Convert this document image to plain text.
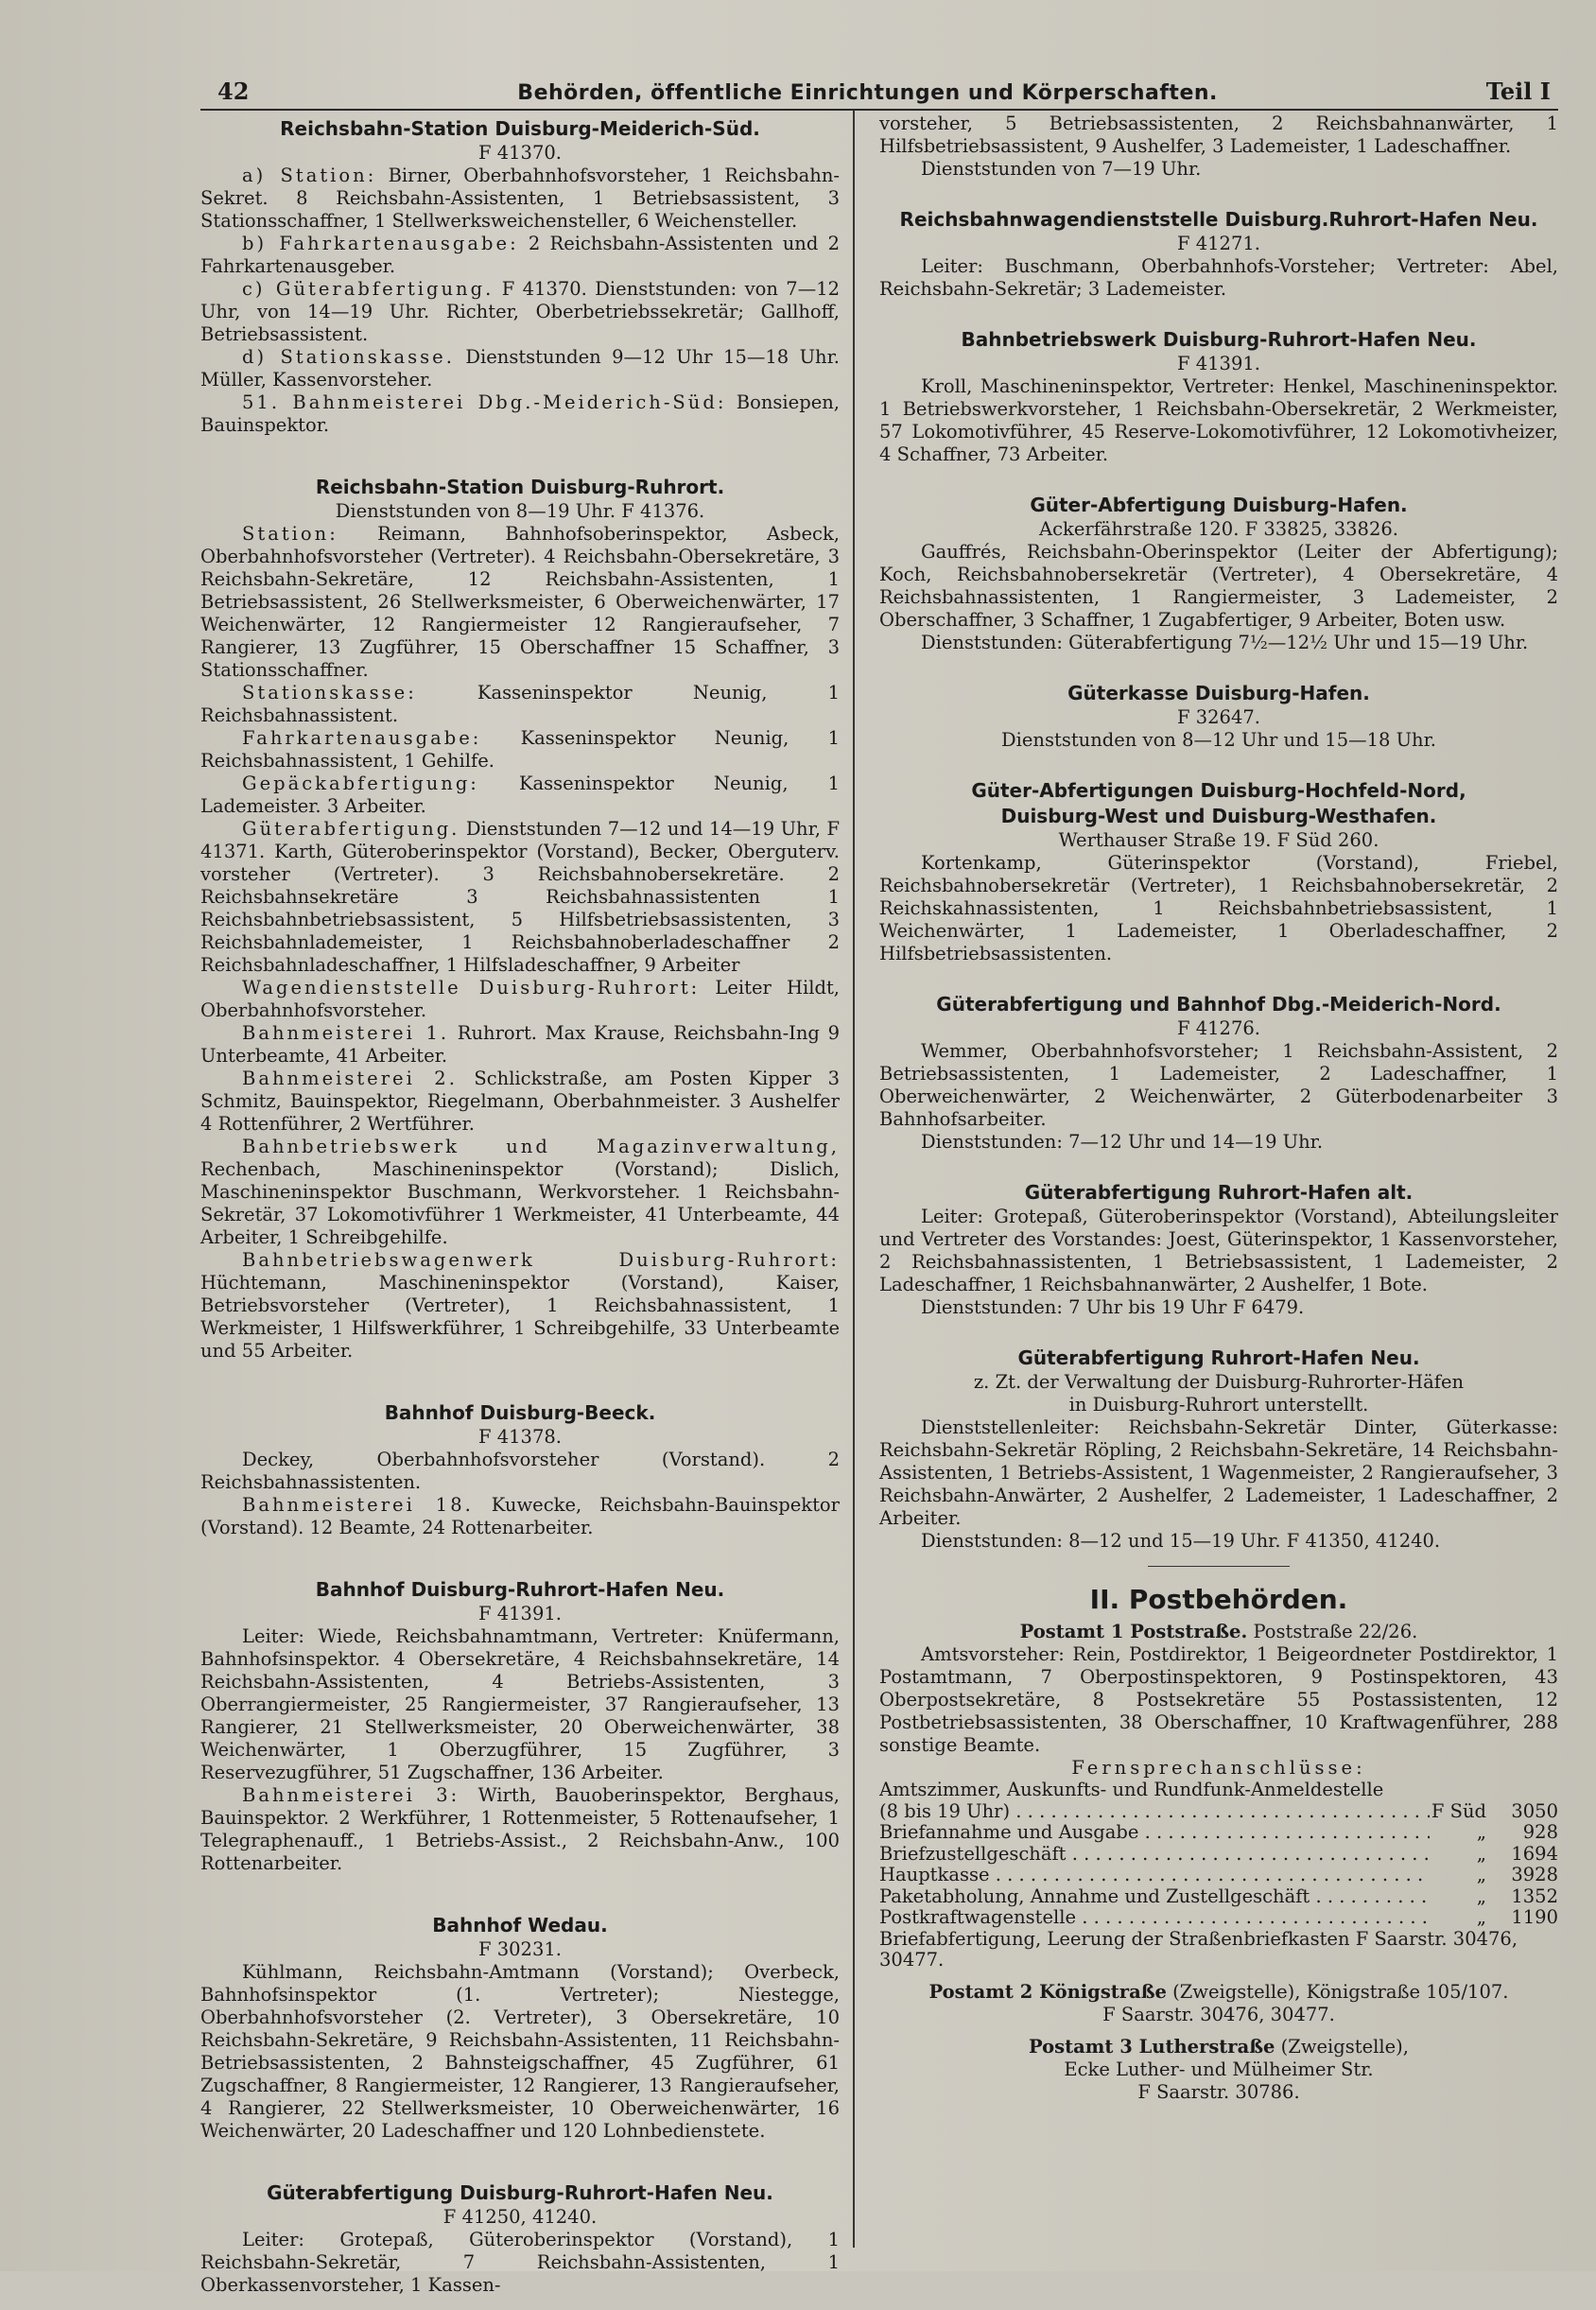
42	Behörden, öffentliche Einrichtungen und Körperschaften.	Teil I
Reichsbahn-Station Duisburg-Meiderich-Süd.

F 41370.

a) Station: Birner, Oberbahnhofsvorsteher, 1 Reichsbahn-Sekret. 8 Reichsbahn-Assistenten, 1 Betriebsassistent, 3 Stationsschaffner, 1 Stellwerksweichensteller, 6 Weichensteller.

b) Fahrkartenausgabe: 2 Reichsbahn-Assistenten und 2 Fahrkartenausgeber.

c) Güterabfertigung. F 41370. Dienststunden: von 7—12 Uhr, von 14—19 Uhr. Richter, Oberbetriebssekretär; Gallhoff, Betriebsassistent.

d) Stationskasse. Dienststunden 9—12 Uhr 15—18 Uhr. Müller, Kassenvorsteher.

51. Bahnmeisterei Dbg.-Meiderich-Süd: Bonsiepen, Bauinspektor.

Reichsbahn-Station Duisburg-Ruhrort.

Dienststunden von 8—19 Uhr. F 41376.

Station: Reimann, Bahnhofsoberinspektor, Asbeck, Oberbahnhofsvorsteher (Vertreter). 4 Reichsbahn-Obersekretäre, 3 Reichsbahn-Sekretäre, 12 Reichsbahn-Assistenten, 1 Betriebsassistent, 26 Stellwerksmeister, 6 Oberweichenwärter, 17 Weichenwärter, 12 Rangiermeister 12 Rangieraufseher, 7 Rangierer, 13 Zugführer, 15 Oberschaffner 15 Schaffner, 3 Stationsschaffner.

Stationskasse:	Kasseninspektor Neunig, 1 Reichsbahnassistent.

Fahrkartenausgabe: Kasseninspektor Neunig, 1 Reichsbahnassistent, 1 Gehilfe.

Gepäckabfertigung: Kasseninspektor Neunig, 1 Lademeister. 3 Arbeiter.

Güterabfertigung. Dienststunden 7—12 und 14—19 Uhr, F 41371. Karth, Güteroberinspektor (Vorstand), Becker, Oberguterv. vorsteher (Vertreter). 3 Reichsbahnobersekretäre. 2 Reichsbahnsekretäre 3 Reichsbahnassistenten 1 Reichsbahnbetriebsassistent, 5 Hilfsbetriebsassistenten, 3 Reichsbahnlademeister, 1 Reichsbahnoberladeschaffner 2 Reichsbahnladeschaffner, 1 Hilfsladeschaffner, 9 Arbeiter

Wagendienststelle Duisburg-Ruhrort: Leiter Hildt, Oberbahnhofsvorsteher.

Bahnmeisterei 1. Ruhrort. Max Krause, Reichsbahn-Ing 9 Unterbeamte, 41 Arbeiter.

Bahnmeisterei 2. Schlickstraße, am Posten Kipper 3 Schmitz, Bauinspektor, Riegelmann, Oberbahnmeister. 3 Aushelfer 4 Rottenführer, 2 Wertführer.

Bahnbetriebswerk und Magazinverwaltung, Rechenbach, Maschineninspektor (Vorstand); Dislich, Maschineninspektor Buschmann, Werkvorsteher. 1 Reichsbahn-Sekretär, 37 Lokomotivführer 1 Werkmeister, 41 Unterbeamte, 44 Arbeiter, 1 Schreibgehilfe.

Bahnbetriebswagenwerk Duisburg-Ruhrort: Hüchtemann, Maschineninspektor (Vorstand), Kaiser, Betriebsvorsteher (Vertreter), 1 Reichsbahnassistent, 1 Werkmeister, 1 Hilfswerkführer, 1 Schreibgehilfe, 33 Unterbeamte und 55 Arbeiter.

Bahnhof Duisburg-Beeck.

F 41378.

Deckey, Oberbahnhofsvorsteher (Vorstand). 2 Reichsbahnassistenten.

Bahnmeisterei 18. Kuwecke, Reichsbahn-Bauinspektor (Vorstand). 12 Beamte, 24 Rottenarbeiter.

Bahnhof Duisburg-Ruhrort-Hafen Neu.

F 41391.

Leiter: Wiede, Reichsbahnamtmann, Vertreter: Knüfermann, Bahnhofsinspektor. 4 Obersekretäre, 4 Reichsbahnsekretäre, 14 Reichsbahn-Assistenten, 4 Betriebs-Assistenten, 3 Oberrangiermeister, 25 Rangiermeister, 37 Rangieraufseher, 13 Rangierer, 21 Stellwerksmeister, 20 Oberweichenwärter, 38 Weichenwärter, 1 Oberzugführer, 15 Zugführer, 3 Reservezugführer, 51 Zugschaffner, 136 Arbeiter.

Bahnmeisterei 3: Wirth, Bauoberinspektor, Berghaus, Bauinspektor. 2 Werkführer, 1 Rottenmeister, 5 Rottenaufseher, 1 Telegraphenauff., 1 Betriebs-Assist., 2 Reichsbahn-Anw., 100 Rottenarbeiter.

Bahnhof Wedau.

F 30231.

Kühlmann, Reichsbahn-Amtmann (Vorstand); Overbeck, Bahnhofsinspektor (1. Vertreter); Niestegge, Oberbahnhofsvorsteher (2. Vertreter), 3 Obersekretäre, 10 Reichsbahn-Sekretäre, 9 Reichsbahn-Assistenten, 11 Reichsbahn-Betriebsassistenten, 2 Bahnsteigschaffner, 45 Zugführer, 61 Zugschaffner, 8 Rangiermeister, 12 Rangierer, 13 Rangieraufseher, 4 Rangierer, 22 Stellwerksmeister, 10 Oberweichenwärter, 16 Weichenwärter, 20 Ladeschaffner und 120 Lohnbedienstete.

Güterabfertigung Duisburg-Ruhrort-Hafen Neu.

F 41250, 41240.

Leiter: Grotepaß, Güteroberinspektor (Vorstand), 1 Reichsbahn-Sekretär, 7 Reichsbahn-Assistenten, 1 Oberkassenvorsteher, 1 Kassen-

vorsteher, 5 Betriebsassistenten, 2 Reichsbahnanwärter, 1 Hilfsbetriebsassistent, 9 Aushelfer, 3 Lademeister, 1 Ladeschaffner.

Dienststunden von 7—19 Uhr.

Reichsbahnwagendienststelle Duisburg.Ruhrort-Hafen Neu.

F 41271.

Leiter: Buschmann, Oberbahnhofs-Vorsteher; Vertreter: Abel, Reichsbahn-Sekretär; 3 Lademeister.

Bahnbetriebswerk Duisburg-Ruhrort-Hafen Neu.

F 41391.

Kroll, Maschineninspektor, Vertreter: Henkel, Maschineninspektor. 1 Betriebswerkvorsteher, 1 Reichsbahn-Obersekretär, 2 Werkmeister, 57 Lokomotivführer, 45 Reserve-Lokomotivführer, 12 Lokomotivheizer, 4 Schaffner, 73 Arbeiter.

Güter-Abfertigung Duisburg-Hafen.

Ackerfährstraße 120. F 33825, 33826.

Gauffrés, Reichsbahn-Oberinspektor (Leiter der Abfertigung); Koch, Reichsbahnobersekretär (Vertreter), 4 Obersekretäre, 4 Reichsbahnassistenten, 1 Rangiermeister, 3 Lademeister, 2 Oberschaffner, 3 Schaffner, 1 Zugabfertiger, 9 Arbeiter, Boten usw.

Dienststunden: Güterabfertigung 7½—12½ Uhr und 15—19 Uhr.

Güterkasse Duisburg-Hafen.

F 32647.

Dienststunden von 8—12 Uhr und 15—18 Uhr.

Güter-Abfertigungen Duisburg-Hochfeld-Nord,
Duisburg-West und Duisburg-Westhafen.

Werthauser Straße 19. F Süd 260.

Kortenkamp, Güterinspektor (Vorstand), Friebel, Reichsbahnobersekretär (Vertreter), 1 Reichsbahnobersekretär, 2 Reichskahnassistenten, 1 Reichsbahnbetriebsassistent, 1 Weichenwärter, 1 Lademeister, 1 Oberladeschaffner, 2 Hilfsbetriebsassistenten.

Güterabfertigung und Bahnhof Dbg.-Meiderich-Nord.

F 41276.

Wemmer, Oberbahnhofsvorsteher; 1 Reichsbahn-Assistent, 2 Betriebsassistenten, 1 Lademeister, 2 Ladeschaffner, 1 Oberweichenwärter, 2 Weichenwärter, 2 Güterbodenarbeiter 3 Bahnhofsarbeiter.

Dienststunden: 7—12 Uhr und 14—19 Uhr.

Güterabfertigung Ruhrort-Hafen alt.

Leiter: Grotepaß, Güteroberinspektor (Vorstand), Abteilungsleiter und Vertreter des Vorstandes: Joest, Güterinspektor, 1 Kassenvorsteher, 2 Reichsbahnassistenten, 1 Betriebsassistent, 1 Lademeister, 2 Ladeschaffner, 1 Reichsbahnanwärter, 2 Aushelfer, 1 Bote.

Dienststunden: 7 Uhr bis 19 Uhr F 6479.

Güterabfertigung Ruhrort-Hafen Neu.

z. Zt. der Verwaltung der Duisburg-Ruhrorter-Häfen

in Duisburg-Ruhrort unterstellt.

Dienststellenleiter: Reichsbahn-Sekretär Dinter, Güterkasse: Reichsbahn-Sekretär Röpling, 2 Reichsbahn-Sekretäre, 14 Reichsbahn-Assistenten, 1 Betriebs-Assistent, 1 Wagenmeister, 2 Rangieraufseher, 3 Reichsbahn-Anwärter, 2 Aushelfer, 2 Lademeister, 1 Ladeschaffner, 2 Arbeiter.

Dienststunden: 8—12 und 15—19 Uhr. F 41350, 41240.

II. Postbehörden.

Postamt 1 Poststraße. Poststraße 22/26.

Amtsvorsteher: Rein, Postdirektor, 1 Beigeordneter Postdirektor, 1 Postamtmann, 7 Oberpostinspektoren, 9 Postinspektoren, 43 Oberpostsekretäre, 8 Postsekretäre 55 Postassistenten, 12 Postbetriebsassistenten, 38 Oberschaffner, 10 Kraftwagenführer, 288 sonstige Beamte.

Fernsprechanschlüsse:

Amtszimmer, Auskunfts- und Rundfunk-Anmeldestelle
(8 bis 19 Uhr) . . .	F Süd	3050
Briefannahme und Ausgabe . . .	„	928
Briefzustellgeschäft . . .	„	1694
Hauptkasse . . .	„	3928
Paketabholung, Annahme und Zustellgeschäft . . .	„	1352
Postkraftwagenstelle . . .	„	1190
Briefabfertigung, Leerung der Straßenbriefkasten F Saarstr. 30476, 30477.

Postamt 2 Königstraße (Zweigstelle), Königstraße 105/107.

F Saarstr. 30476, 30477.

Postamt 3 Lutherstraße (Zweigstelle),

Ecke Luther- und Mülheimer Str.

F Saarstr. 30786.
